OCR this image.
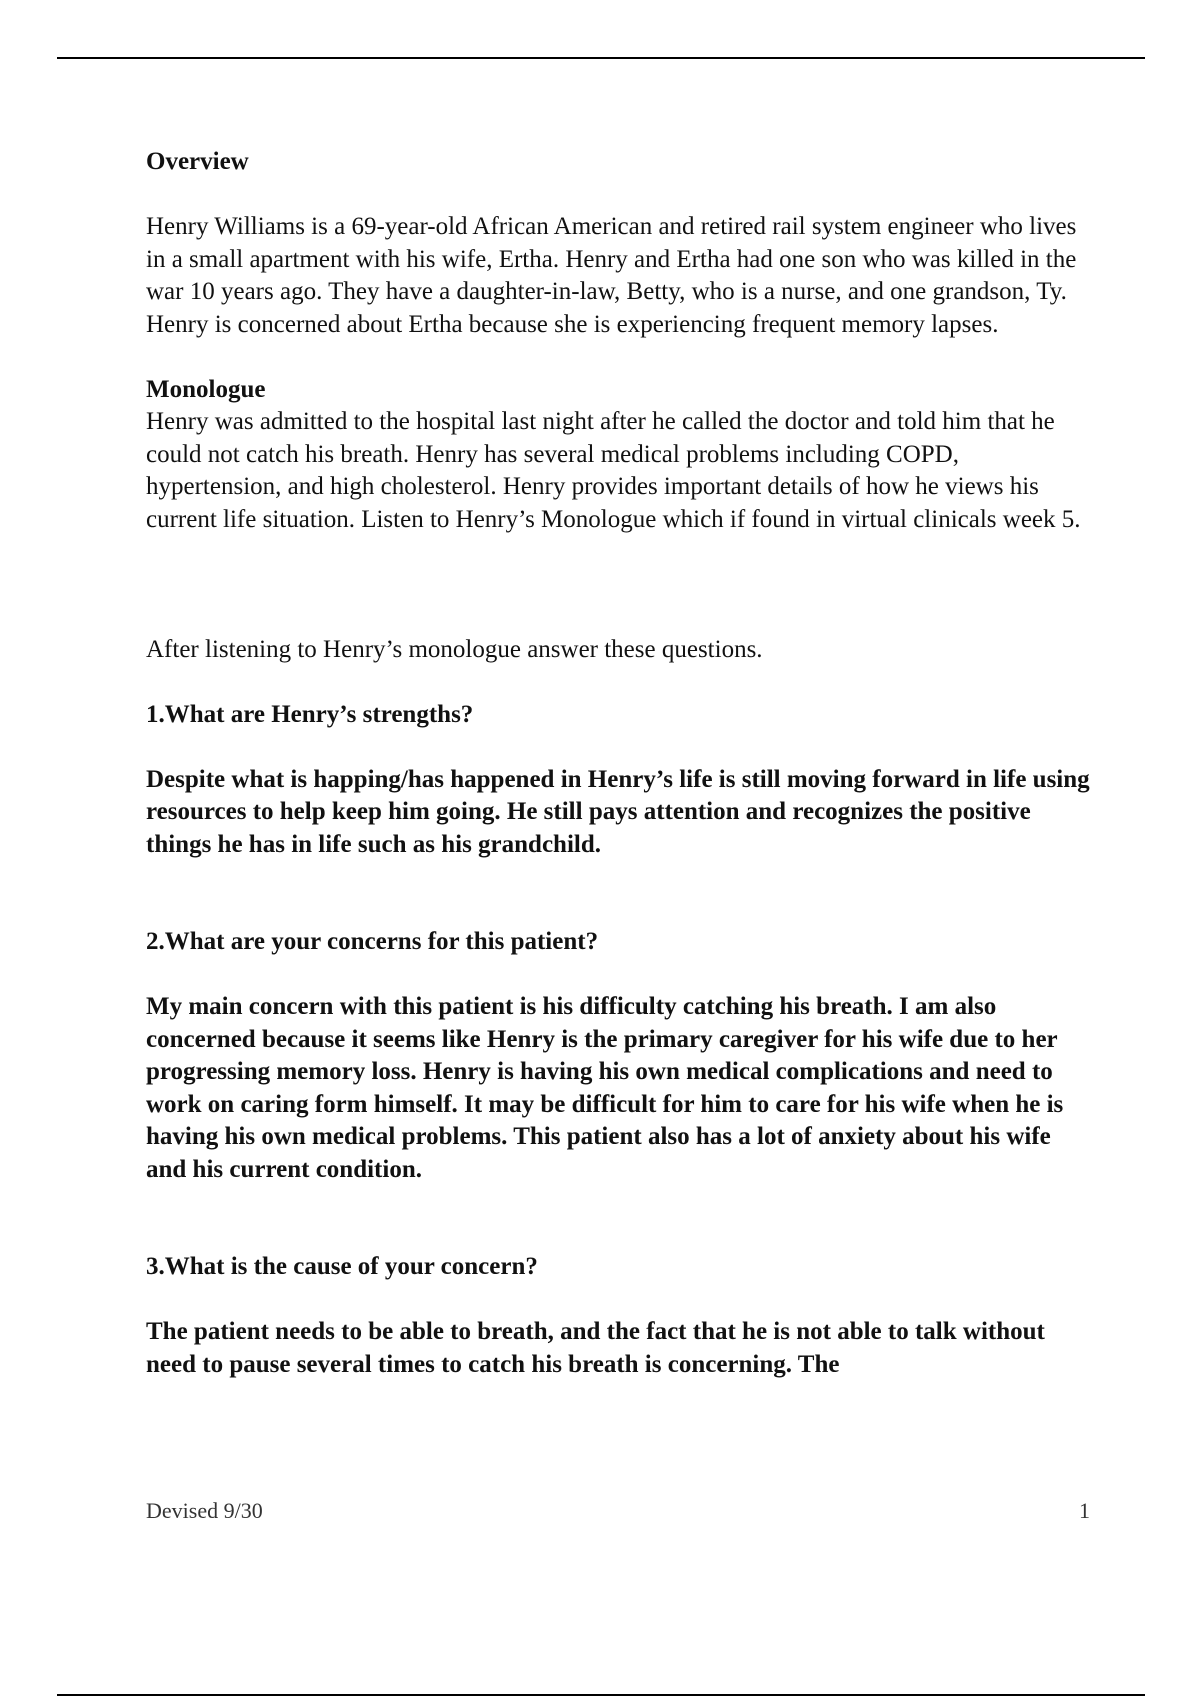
Overview

Henry Williams is a 69-year-old African American and retired rail system engineer who lives in a small apartment with his wife, Ertha. Henry and Ertha had one son who was killed in the war 10 years ago. They have a daughter-in-law, Betty, who is a nurse, and one grandson, Ty. Henry is concerned about Ertha because she is experiencing frequent memory lapses.

Monologue

Henry was admitted to the hospital last night after he called the doctor and told him that he could not catch his breath. Henry has several medical problems including COPD, hypertension, and high cholesterol. Henry provides important details of how he views his current life situation. Listen to Henry’s Monologue which if found in virtual clinicals week 5.

After listening to Henry’s monologue answer these questions.

1.What are Henry’s strengths?

Despite what is happing/has happened in Henry’s life is still moving forward in life using resources to help keep him going. He still pays attention and recognizes the positive things he has in life such as his grandchild.

2.What are your concerns for this patient?

My main concern with this patient is his difficulty catching his breath. I am also concerned because it seems like Henry is the primary caregiver for his wife due to her progressing memory loss. Henry is having his own medical complications and need to work on caring form himself. It may be difficult for him to care for his wife when he is having his own medical problems. This patient also has a lot of anxiety about his wife and his current condition.

3.What is the cause of your concern?

The patient needs to be able to breath, and the fact that he is not able to talk without need to pause several times to catch his breath is concerning. The

Devised 9/30	1
